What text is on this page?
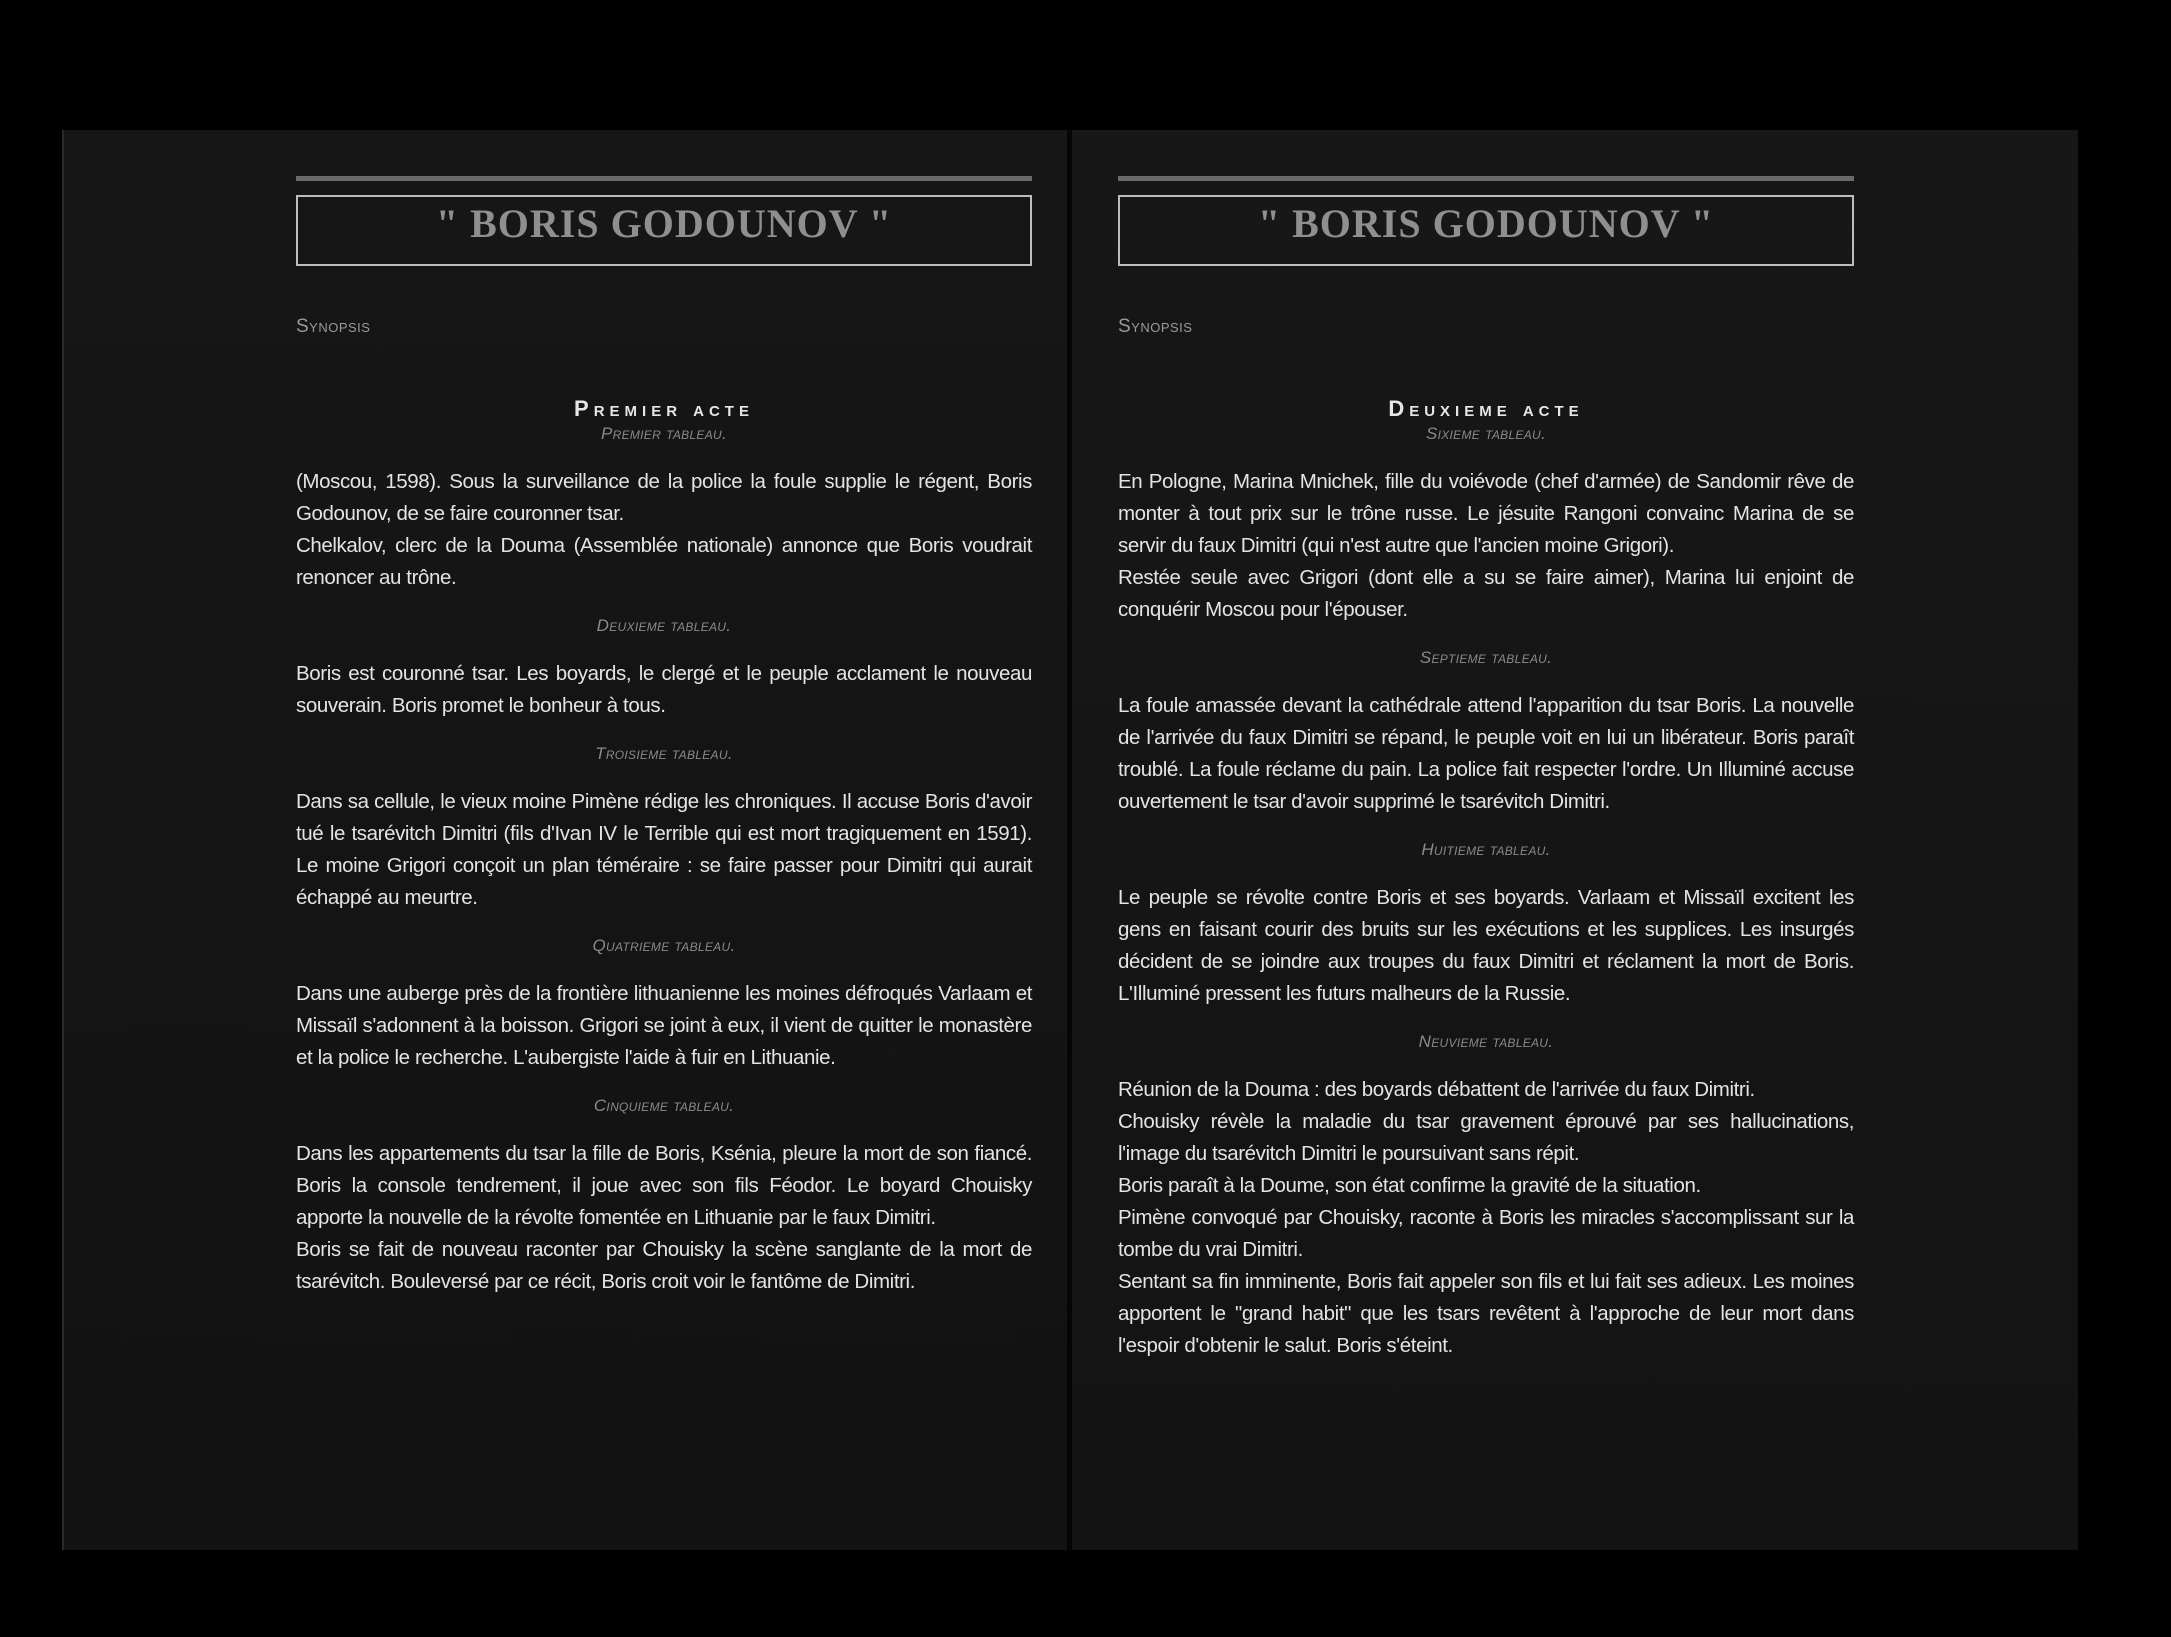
" BORIS GODOUNOV "
Synopsis
Premier acte
Premier tableau.
(Moscou, 1598). Sous la surveillance de la police la foule supplie le régent, Boris Godounov, de se faire couronner tsar.
Chelkalov, clerc de la Douma (Assemblée nationale) annonce que Boris voudrait renoncer au trône.
Deuxieme tableau.
Boris est couronné tsar. Les boyards, le clergé et le peuple acclament le nouveau souverain. Boris promet le bonheur à tous.
Troisieme tableau.
Dans sa cellule, le vieux moine Pimène rédige les chroniques. Il accuse Boris d'avoir tué le tsarévitch Dimitri (fils d'Ivan IV le Terrible qui est mort tragiquement en 1591). Le moine Grigori conçoit un plan téméraire : se faire passer pour Dimitri qui aurait échappé au meurtre.
Quatrieme tableau.
Dans une auberge près de la frontière lithuanienne les moines défroqués Varlaam et Missaïl s'adonnent à la boisson. Grigori se joint à eux, il vient de quitter le monastère et la police le recherche. L'aubergiste l'aide à fuir en Lithuanie.
Cinquieme tableau.
Dans les appartements du tsar la fille de Boris, Ksénia, pleure la mort de son fiancé. Boris la console tendrement, il joue avec son fils Féodor. Le boyard Chouisky apporte la nouvelle de la révolte fomentée en Lithuanie par le faux Dimitri.
Boris se fait de nouveau raconter par Chouisky la scène sanglante de la mort de tsarévitch. Bouleversé par ce récit, Boris croit voir le fantôme de Dimitri.
" BORIS GODOUNOV "
Synopsis
Deuxieme acte
Sixieme tableau.
En Pologne, Marina Mnichek, fille du voiévode (chef d'armée) de Sandomir rêve de monter à tout prix sur le trône russe. Le jésuite Rangoni convainc Marina de se servir du faux Dimitri (qui n'est autre que l'ancien moine Grigori).
Restée seule avec Grigori (dont elle a su se faire aimer), Marina lui enjoint de conquérir Moscou pour l'épouser.
Septieme tableau.
La foule amassée devant la cathédrale attend l'apparition du tsar Boris. La nouvelle de l'arrivée du faux Dimitri se répand, le peuple voit en lui un libérateur. Boris paraît troublé. La foule réclame du pain. La police fait respecter l'ordre. Un Illuminé accuse ouvertement le tsar d'avoir supprimé le tsarévitch Dimitri.
Huitieme tableau.
Le peuple se révolte contre Boris et ses boyards. Varlaam et Missaïl excitent les gens en faisant courir des bruits sur les exécutions et les supplices. Les insurgés décident de se joindre aux troupes du faux Dimitri et réclament la mort de Boris. L'Illuminé pressent les futurs malheurs de la Russie.
Neuvieme tableau.
Réunion de la Douma : des boyards débattent de l'arrivée du faux Dimitri.
Chouisky révèle la maladie du tsar gravement éprouvé par ses hallucinations, l'image du tsarévitch Dimitri le poursuivant sans répit.
Boris paraît à la Doume, son état confirme la gravité de la situation.
Pimène convoqué par Chouisky, raconte à Boris les miracles s'accomplissant sur la tombe du vrai Dimitri.
Sentant sa fin imminente, Boris fait appeler son fils et lui fait ses adieux. Les moines apportent le "grand habit" que les tsars revêtent à l'approche de leur mort dans l'espoir d'obtenir le salut. Boris s'éteint.
